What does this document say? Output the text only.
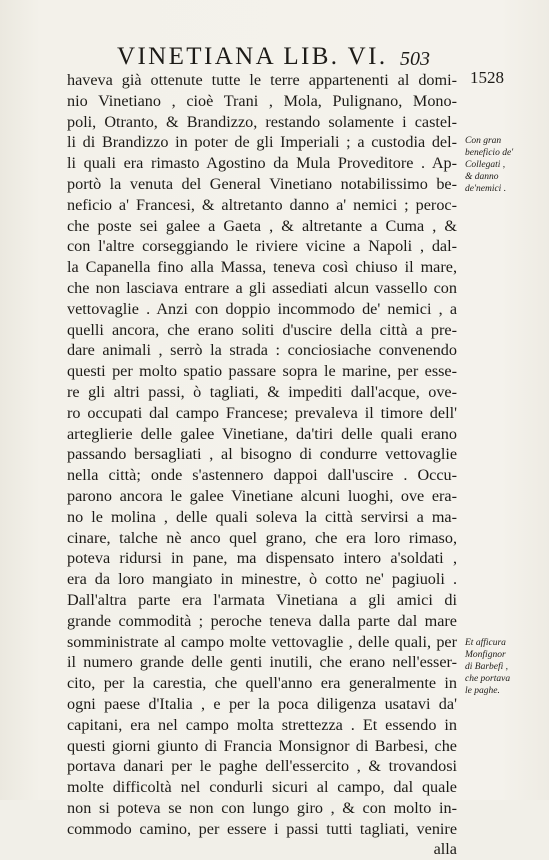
VINETIANA LIB. VI. 503
1528
Con gran
beneficio de'
Collegati ,
& danno
de'nemici .
Et afficura
Monfignor
di Barbefi ,
che portava
le paghe.
haveva già ottenute tutte le terre appartenenti al domi-
nio Vinetiano , cioè Trani , Mola, Pulignano, Mono-
poli, Otranto, & Brandizzo, restando solamente i castel-
li di Brandizzo in poter de gli Imperiali ; a custodia del-
li quali era rimasto Agostino da Mula Proveditore . Ap-
portò la venuta del General Vinetiano notabilissimo be-
neficio a' Francesi, & altretanto danno a' nemici ; peroc-
che poste sei galee a Gaeta , & altretante a Cuma , &
con l'altre corseggiando le riviere vicine a Napoli , dal-
la Capanella fino alla Massa, teneva così chiuso il mare,
che non lasciava entrare a gli assediati alcun vassello con
vettovaglie . Anzi con doppio incommodo de' nemici , a
quelli ancora, che erano soliti d'uscire della città a pre-
dare animali , serrò la strada : conciosiache convenendo
questi per molto spatio passare sopra le marine, per esse-
re gli altri passi, ò tagliati, & impediti dall'acque, ove-
ro occupati dal campo Francese; prevaleva il timore dell'
arteglierie delle galee Vinetiane, da'tiri delle quali erano
passando bersagliati , al bisogno di condurre vettovaglie
nella città; onde s'astennero dappoi dall'uscire . Occu-
parono ancora le galee Vinetiane alcuni luoghi, ove era-
no le molina , delle quali soleva la città servirsi a ma-
cinare, talche nè anco quel grano, che era loro rimaso,
poteva ridursi in pane, ma dispensato intero a'soldati ,
era da loro mangiato in minestre, ò cotto ne' pagiuoli .
Dall'altra parte era l'armata Vinetiana a gli amici di
grande commodità ; peroche teneva dalla parte dal mare
somministrate al campo molte vettovaglie , delle quali, per
il numero grande delle genti inutili, che erano nell'esser-
cito, per la carestia, che quell'anno era generalmente in
ogni paese d'Italia , e per la poca diligenza usatavi da'
capitani, era nel campo molta strettezza . Et essendo in
questi giorni giunto di Francia Monsignor di Barbesi, che
portava danari per le paghe dell'essercito , & trovandosi
molte difficoltà nel condurli sicuri al campo, dal quale
non si poteva se non con lungo giro , & con molto in-
commodo camino, per essere i passi tutti tagliati, venire
alla
